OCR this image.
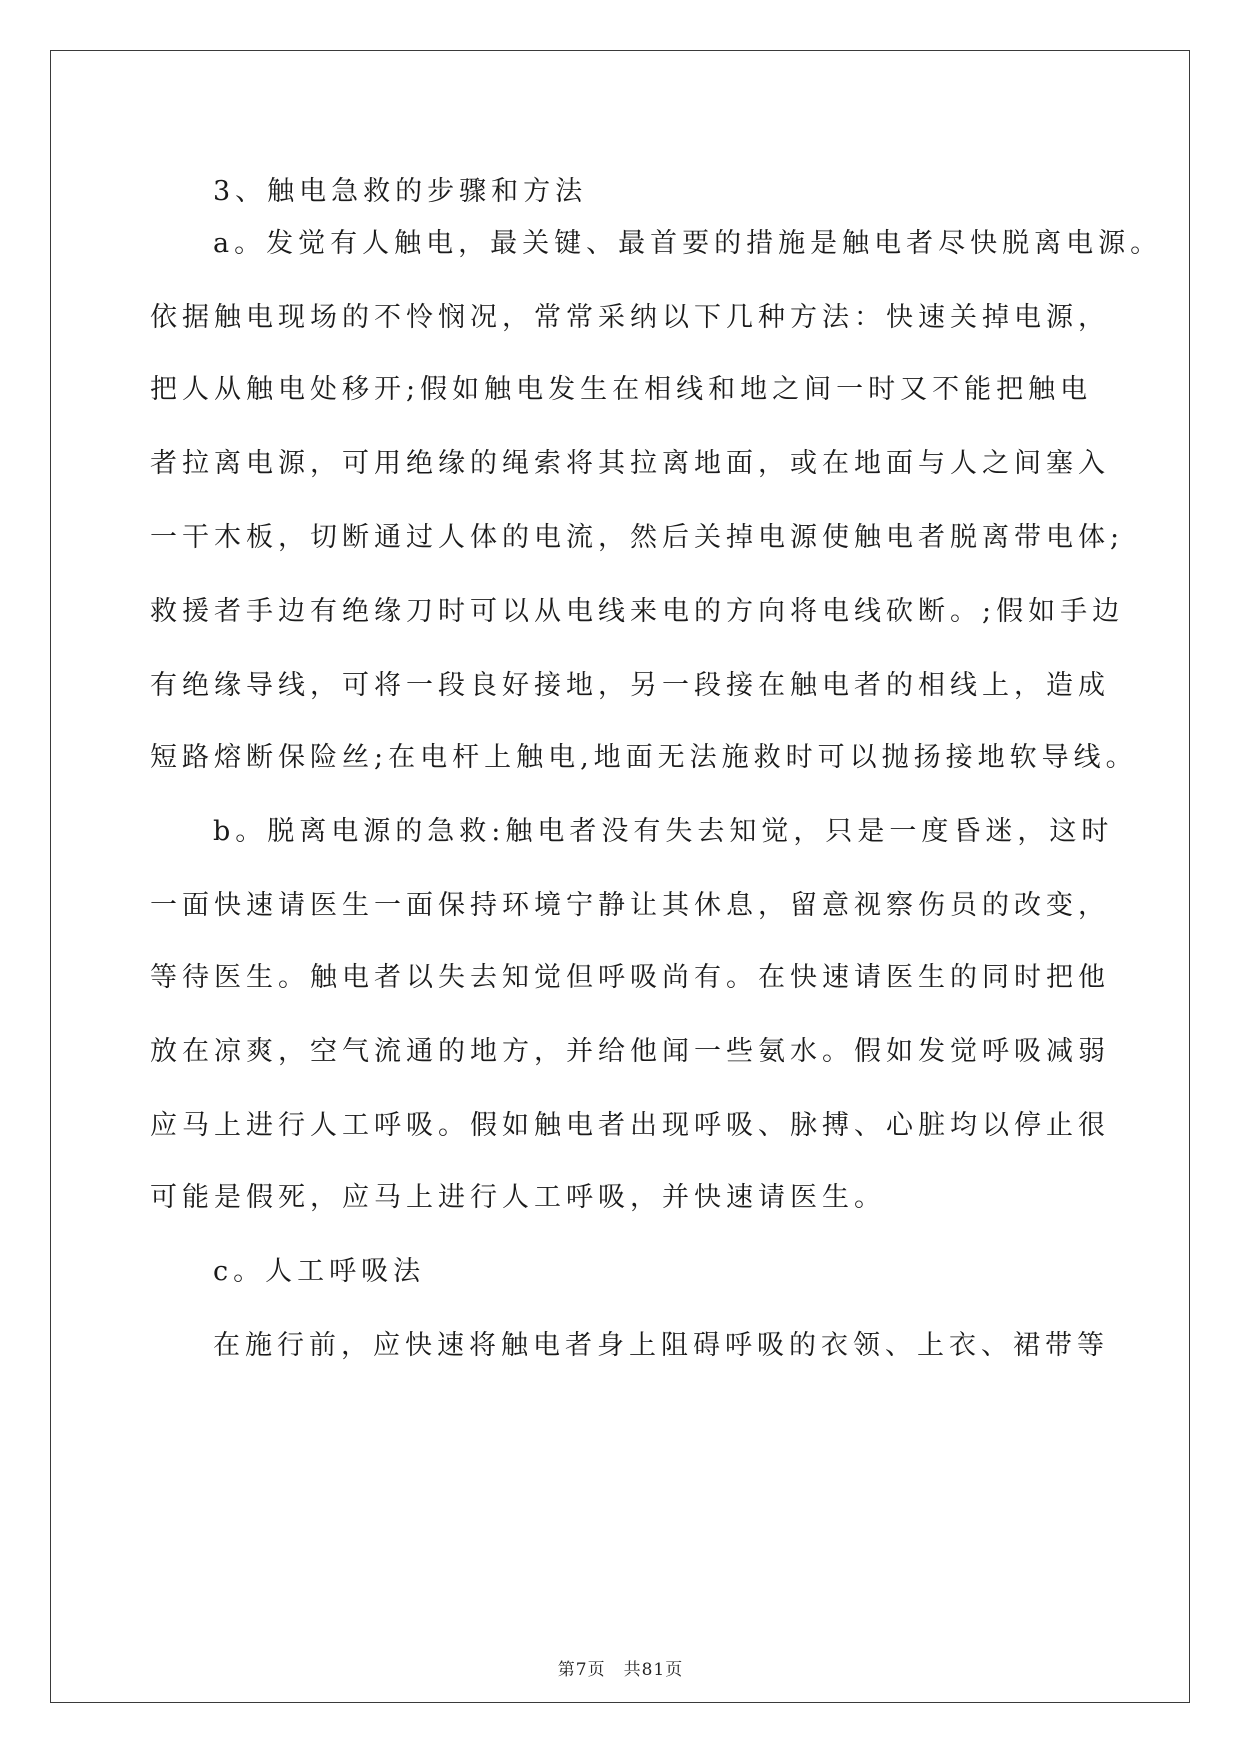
3、触电急救的步骤和方法

a。发觉有人触电，最关键、最首要的措施是触电者尽快脱离电源。

依据触电现场的不怜悯况，常常采纳以下几种方法：快速关掉电源，

把人从触电处移开;假如触电发生在相线和地之间一时又不能把触电

者拉离电源，可用绝缘的绳索将其拉离地面，或在地面与人之间塞入

一干木板，切断通过人体的电流，然后关掉电源使触电者脱离带电体;

救援者手边有绝缘刀时可以从电线来电的方向将电线砍断。;假如手边

有绝缘导线，可将一段良好接地，另一段接在触电者的相线上，造成

短路熔断保险丝;在电杆上触电,地面无法施救时可以抛扬接地软导线。

b。脱离电源的急救:触电者没有失去知觉，只是一度昏迷，这时

一面快速请医生一面保持环境宁静让其休息，留意视察伤员的改变，

等待医生。触电者以失去知觉但呼吸尚有。在快速请医生的同时把他

放在凉爽，空气流通的地方，并给他闻一些氨水。假如发觉呼吸减弱

应马上进行人工呼吸。假如触电者出现呼吸、脉搏、心脏均以停止很

可能是假死，应马上进行人工呼吸，并快速请医生。

c。人工呼吸法

在施行前，应快速将触电者身上阻碍呼吸的衣领、上衣、裙带等

第7页　共81页
